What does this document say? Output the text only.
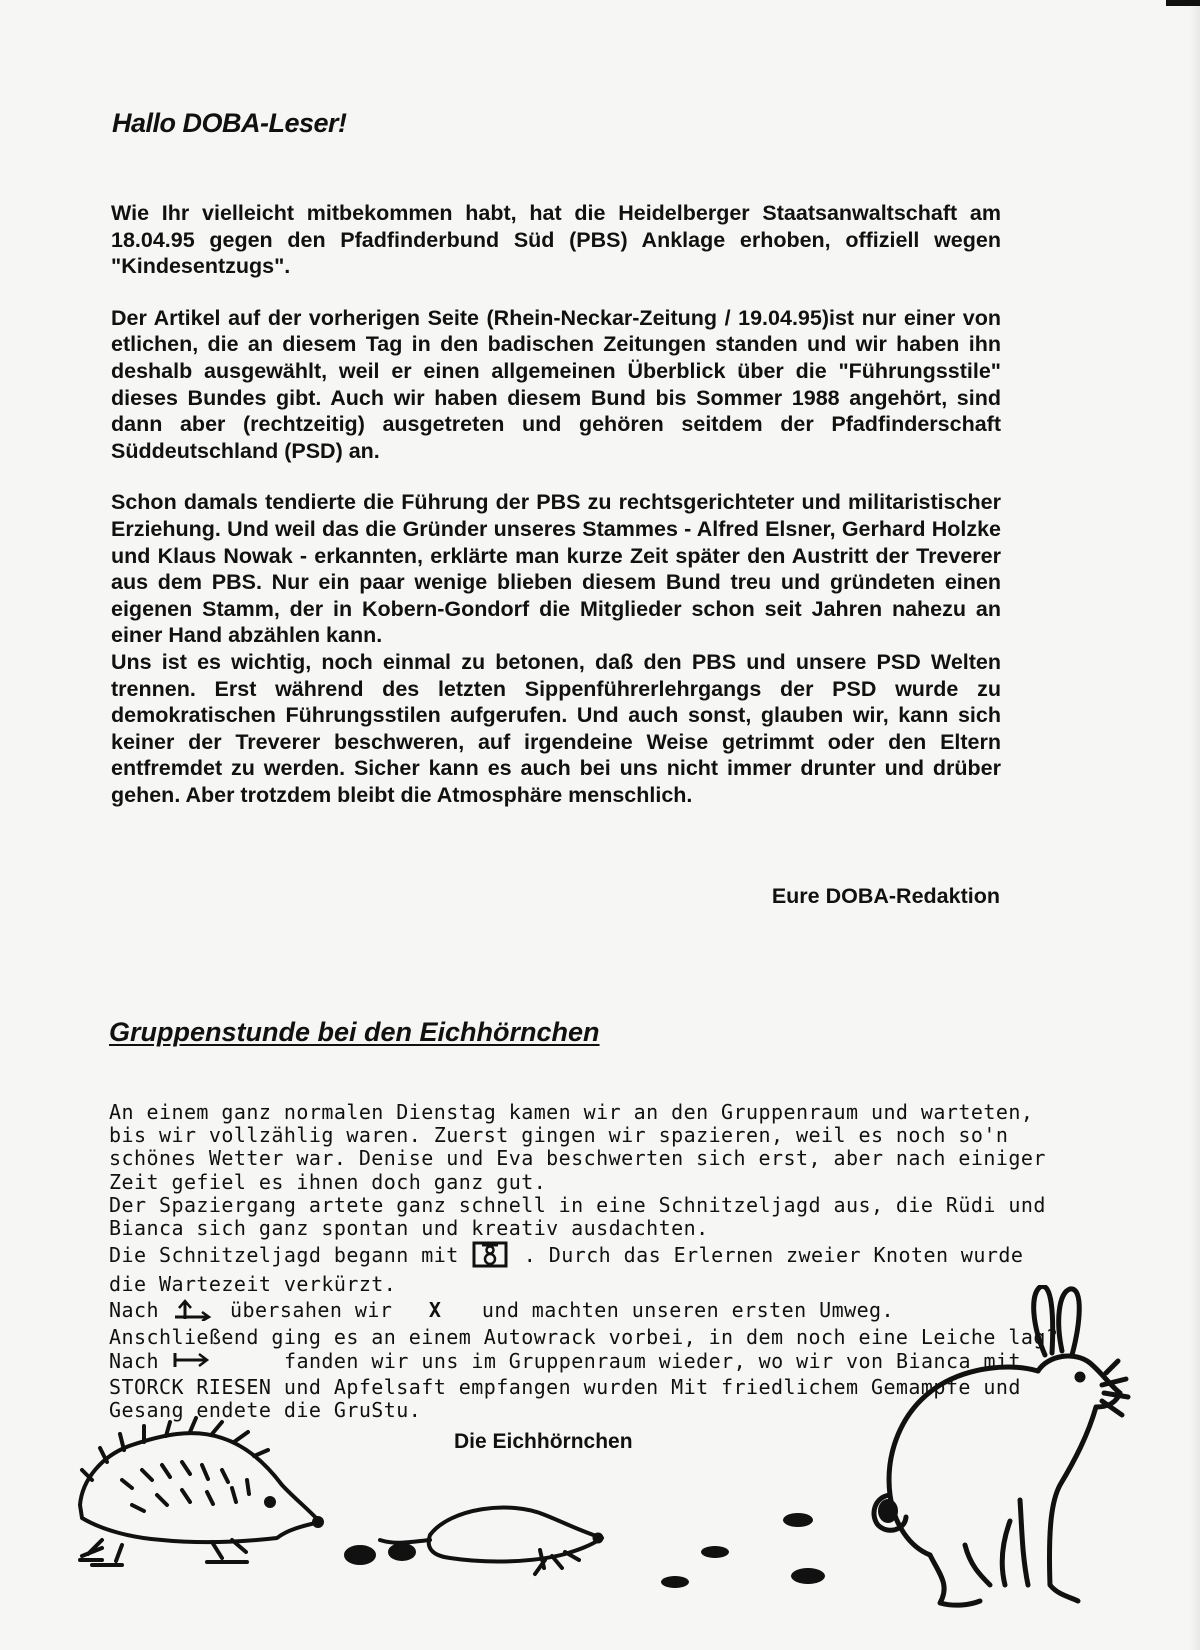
Hallo DOBA-Leser!

Wie Ihr vielleicht mitbekommen habt, hat die Heidelberger Staatsanwaltschaft am 18.04.95 gegen den Pfadfinderbund Süd (PBS) Anklage erhoben, offiziell wegen "Kindesentzugs".

Der Artikel auf der vorherigen Seite (Rhein-Neckar-Zeitung / 19.04.95)ist nur einer von etlichen, die an diesem Tag in den badischen Zeitungen standen und wir haben ihn deshalb ausgewählt, weil er einen allgemeinen Überblick über die "Führungsstile" dieses Bundes gibt. Auch wir haben diesem Bund bis Sommer 1988 angehört, sind dann aber (rechtzeitig) ausgetreten und gehören seitdem der Pfadfinderschaft Süddeutschland (PSD) an.

Schon damals tendierte die Führung der PBS zu rechtsgerichteter und militaristischer Erziehung. Und weil das die Gründer unseres Stammes - Alfred Elsner, Gerhard Holzke und Klaus Nowak - erkannten, erklärte man kurze Zeit später den Austritt der Treverer aus dem PBS. Nur ein paar wenige blieben diesem Bund treu und gründeten einen eigenen Stamm, der in Kobern-Gondorf die Mitglieder schon seit Jahren nahezu an einer Hand abzählen kann.

Uns ist es wichtig, noch einmal zu betonen, daß den PBS und unsere PSD Welten trennen. Erst während des letzten Sippenführerlehrgangs der PSD wurde zu demokratischen Führungsstilen aufgerufen. Und auch sonst, glauben wir, kann sich keiner der Treverer beschweren, auf irgendeine Weise getrimmt oder den Eltern entfremdet zu werden. Sicher kann es auch bei uns nicht immer drunter und drüber gehen. Aber trotzdem bleibt die Atmosphäre menschlich.

Eure DOBA-Redaktion

Gruppenstunde bei den Eichhörnchen
An einem ganz normalen Dienstag kamen wir an den Gruppenraum und warteten,
bis wir vollzählig waren. Zuerst gingen wir spazieren, weil es noch so'n
schönes Wetter war. Denise und Eva beschwerten sich erst, aber nach einiger
Zeit gefiel es ihnen doch ganz gut.
Der Spaziergang artete ganz schnell in eine Schnitzeljagd aus, die Rüdi und
Bianca sich ganz spontan und kreativ ausdachten.
Die Schnitzeljagd begann mit  . Durch das Erlernen zweier Knoten wurde
die Wartezeit verkürzt.
Nach  übersahen wir X und machten unseren ersten Umweg.
Anschließend ging es an einem Autowrack vorbei, in dem noch eine Leiche lag?
Nach	fanden wir uns im Gruppenraum wieder, wo wir von Bianca mit
STORCK RIESEN und Apfelsaft empfangen wurden Mit friedlichem Gemampfe und
Gesang endete die GruStu.

Die Eichhörnchen
